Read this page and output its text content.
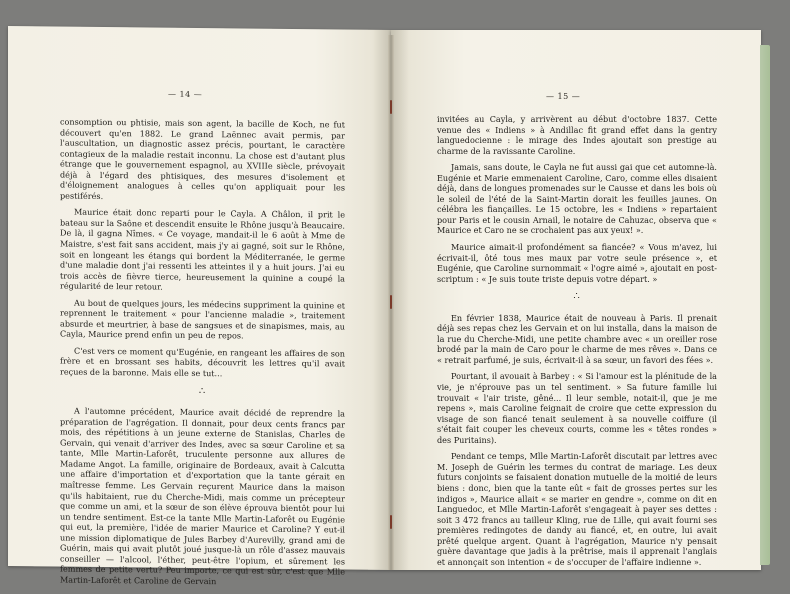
— 14 —

consomption ou phtisie, mais son agent, la bacille de Koch, ne fut découvert qu'en 1882. Le grand Laënnec avait permis, par l'auscultation, un diagnostic assez précis, pourtant, le caractère contagieux de la maladie restait inconnu. La chose est d'autant plus étrange que le gouvernement espagnol, au XVIIIe siècle, prévoyait déjà à l'égard des phtisiques, des mesures d'isolement et d'éloignement analogues à celles qu'on appliquait pour les pestiférés.

Maurice était donc reparti pour le Cayla. A Châlon, il prit le bateau sur la Saône et descendit ensuite le Rhône jusqu'à Beaucaire. De là, il gagna Nîmes. « Ce voyage, mandait-il le 6 août à Mme de Maistre, s'est fait sans accident, mais j'y ai gagné, soit sur le Rhône, soit en longeant les étangs qui bordent la Méditerranée, le germe d'une maladie dont j'ai ressenti les atteintes il y a huit jours. J'ai eu trois accès de fièvre tierce, heureusement la quinine a coupé la régularité de leur retour.

Au bout de quelques jours, les médecins suppriment la quinine et reprennent le traitement « pour l'ancienne maladie », traitement absurde et meurtrier, à base de sangsues et de sinapismes, mais, au Cayla, Maurice prend enfin un peu de repos.

C'est vers ce moment qu'Eugénie, en rangeant les affaires de son frère et en brossant ses habits, découvrit les lettres qu'il avait reçues de la baronne. Mais elle se tut...

∴

A l'automne précédent, Maurice avait décidé de reprendre la préparation de l'agrégation. Il donnait, pour deux cents francs par mois, des répétitions à un jeune externe de Stanislas, Charles de Gervain, qui venait d'arriver des Indes, avec sa sœur Caroline et sa tante, Mlle Martin-Laforêt, truculente personne aux allures de Madame Angot. La famille, originaire de Bordeaux, avait à Calcutta une affaire d'importation et d'exportation que la tante gérait en maîtresse femme. Les Gervain reçurent Maurice dans la maison qu'ils habitaient, rue du Cherche-Midi, mais comme un précepteur que comme un ami, et la sœur de son élève éprouva bientôt pour lui un tendre sentiment. Est-ce la tante Mlle Martin-Laforêt ou Eugénie qui eut, la première, l'idée de marier Maurice et Caroline? Y eut-il une mission diplomatique de Jules Barbey d'Aurevilly, grand ami de Guérin, mais qui avait plutôt joué jusque-là un rôle d'assez mauvais conseiller — l'alcool, l'éther, peut-être l'opium, et sûrement les femmes de petite vertu? Peu importe, ce qui est sûr, c'est que Mlle Martin-Laforêt et Caroline de Gervain

— 15 —

invitées au Cayla, y arrivèrent au début d'octobre 1837. Cette venue des « Indiens » à Andillac fit grand effet dans la gentry languedocienne : le mirage des Indes ajoutait son prestige au charme de la ravissante Caroline.

Jamais, sans doute, le Cayla ne fut aussi gai que cet automne-là. Eugénie et Marie emmenaient Caroline, Caro, comme elles disaient déjà, dans de longues promenades sur le Causse et dans les bois où le soleil de l'été de la Saint-Martin dorait les feuilles jaunes. On célébra les fiançailles. Le 15 octobre, les « Indiens » repartaient pour Paris et le cousin Arnail, le notaire de Cahuzac, observa que « Maurice et Caro ne se crochaient pas aux yeux! ».

Maurice aimait-il profondément sa fiancée? « Vous m'avez, lui écrivait-il, ôté tous mes maux par votre seule présence », et Eugénie, que Caroline surnommait « l'ogre aimé », ajoutait en post-scriptum : « Je suis toute triste depuis votre départ. »

∴

En février 1838, Maurice était de nouveau à Paris. Il prenait déjà ses repas chez les Gervain et on lui installa, dans la maison de la rue du Cherche-Midi, une petite chambre avec « un oreiller rose brodé par la main de Caro pour le charme de mes rêves ». Dans ce « retrait parfumé, je suis, écrivait-il à sa sœur, un favori des fées ».

Pourtant, il avouait à Barbey : « Si l'amour est la plénitude de la vie, je n'éprouve pas un tel sentiment. » Sa future famille lui trouvait « l'air triste, gêné... Il leur semble, notait-il, que je me repens », mais Caroline feignait de croire que cette expression du visage de son fiancé tenait seulement à sa nouvelle coiffure (il s'était fait couper les cheveux courts, comme les « têtes rondes » des Puritains).

Pendant ce temps, Mlle Martin-Laforêt discutait par lettres avec M. Joseph de Guérin les termes du contrat de mariage. Les deux futurs conjoints se faisaient donation mutuelle de la moitié de leurs biens : donc, bien que la tante eût « fait de grosses pertes sur les indigos », Maurice allait « se marier en gendre », comme on dit en Languedoc, et Mlle Martin-Laforêt s'engageait à payer ses dettes : soit 3 472 francs au tailleur Kling, rue de Lille, qui avait fourni ses premières redingotes de dandy au fiancé, et, en outre, lui avait prêté quelque argent. Quant à l'agrégation, Maurice n'y pensait guère davantage que jadis à la prêtrise, mais il apprenait l'anglais et annonçait son intention « de s'occuper de l'affaire indienne ».
